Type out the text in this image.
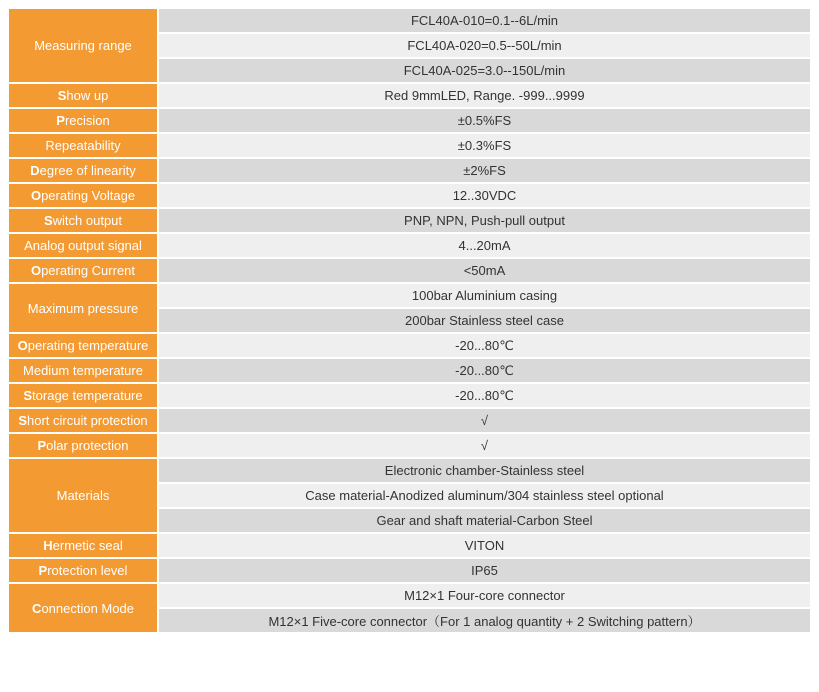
Measuring range	FCL40A-010=0.1--6L/min
	FCL40A-020=0.5--50L/min
	FCL40A-025=3.0--150L/min
Show up	Red 9mmLED, Range. -999...9999
Precision	±0.5%FS
Repeatability	±0.3%FS
Degree of linearity	±2%FS
Operating Voltage	12..30VDC
Switch output	PNP, NPN, Push-pull output
Analog output signal	4...20mA
Operating Current	<50mA
Maximum pressure	100bar Aluminium casing
	200bar Stainless steel case
Operating temperature	-20...80℃
Medium temperature	-20...80℃
Storage temperature	-20...80℃
Short circuit protection	√
Polar protection	√
Materials	Electronic chamber-Stainless steel
	Case material-Anodized aluminum/304 stainless steel optional
	Gear and shaft material-Carbon Steel
Hermetic seal	VITON
Protection level	IP65
Connection Mode	M12×1 Four-core connector
	M12×1 Five-core connector（For 1 analog quantity + 2 Switching pattern）
